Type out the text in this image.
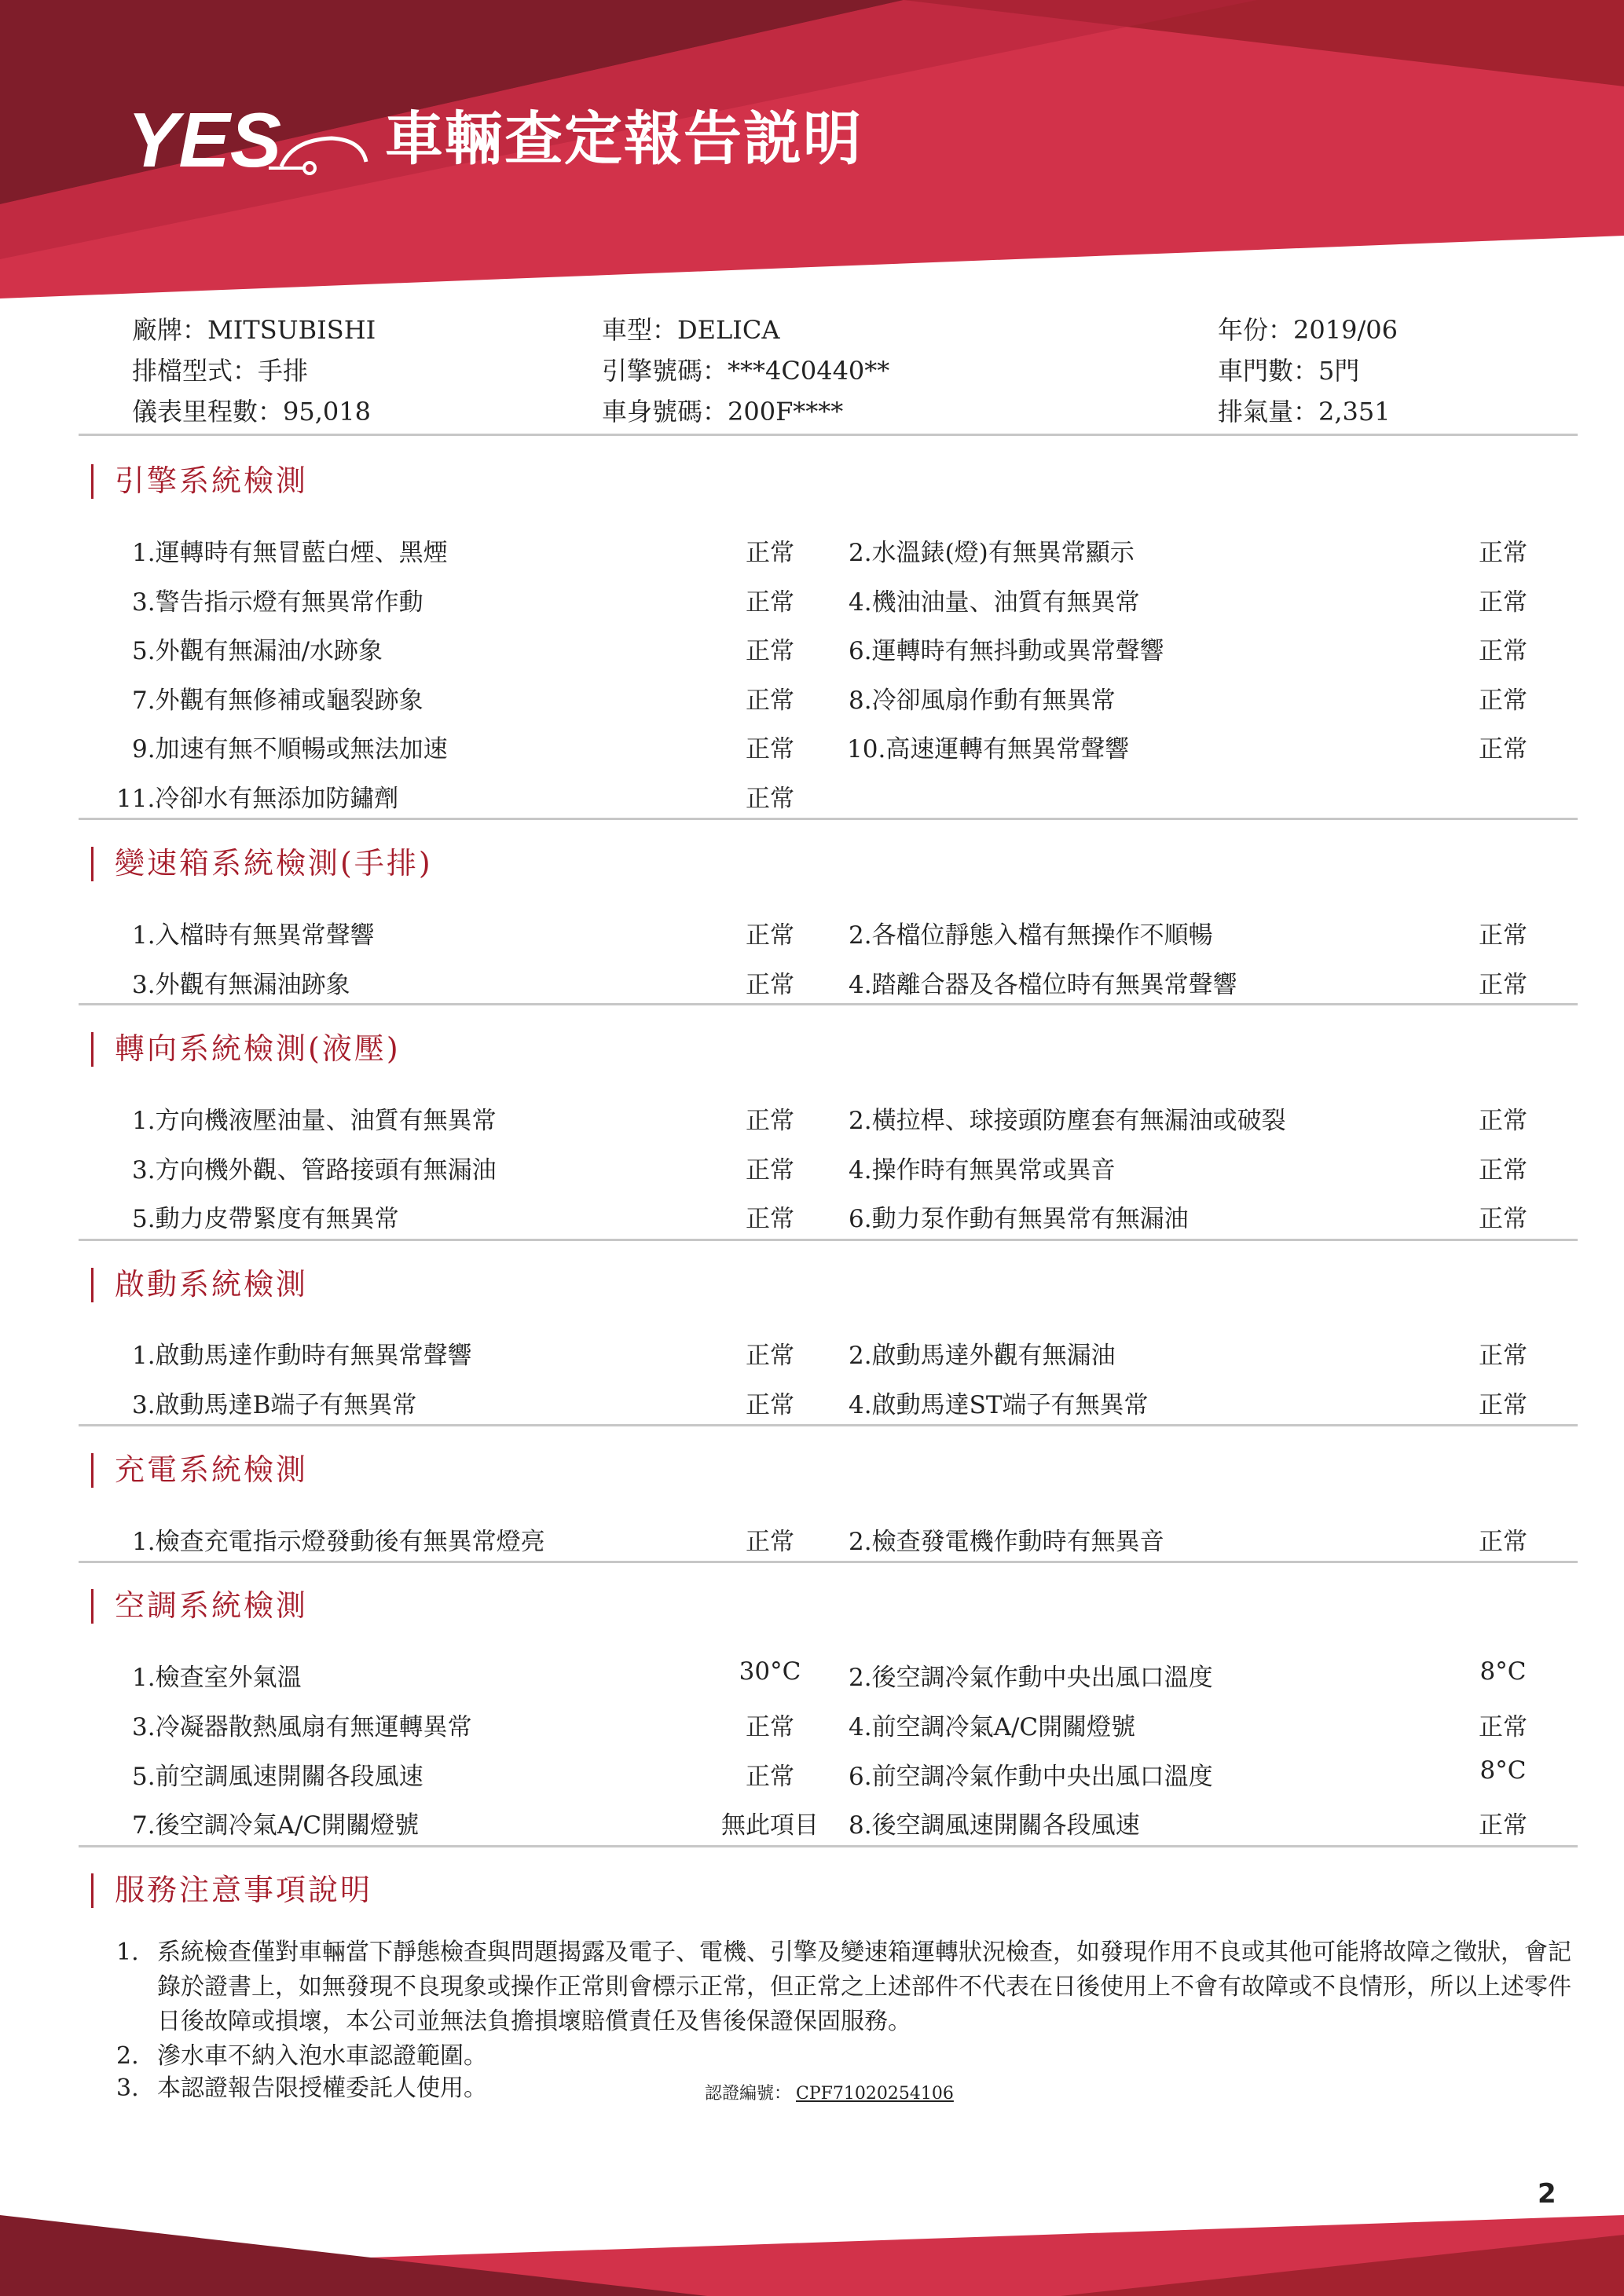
YES 車輛查定報告説明
廠牌：MITSUBISHI	車型：DELICA	年份：2019/06
排檔型式：手排	引擎號碼：***4C0440**	車門數：5門
儀表里程數：95,018	車身號碼：200F****	排氣量：2,351
引擎系統檢測
1.運轉時有無冒藍白煙、黑煙	正常	2.水溫錶(燈)有無異常顯示	正常
3.警告指示燈有無異常作動	正常	4.機油油量、油質有無異常	正常
5.外觀有無漏油/水跡象	正常	6.運轉時有無抖動或異常聲響	正常
7.外觀有無修補或龜裂跡象	正常	8.冷卻風扇作動有無異常	正常
9.加速有無不順暢或無法加速	正常	10.高速運轉有無異常聲響	正常
11.冷卻水有無添加防鏽劑	正常
變速箱系統檢測(手排)
1.入檔時有無異常聲響	正常	2.各檔位靜態入檔有無操作不順暢	正常
3.外觀有無漏油跡象	正常	4.踏離合器及各檔位時有無異常聲響	正常
轉向系統檢測(液壓)
1.方向機液壓油量、油質有無異常	正常	2.橫拉桿、球接頭防塵套有無漏油或破裂	正常
3.方向機外觀、管路接頭有無漏油	正常	4.操作時有無異常或異音	正常
5.動力皮帶緊度有無異常	正常	6.動力泵作動有無異常有無漏油	正常
啟動系統檢測
1.啟動馬達作動時有無異常聲響	正常	2.啟動馬達外觀有無漏油	正常
3.啟動馬達B端子有無異常	正常	4.啟動馬達ST端子有無異常	正常
充電系統檢測
1.檢查充電指示燈發動後有無異常燈亮	正常	2.檢查發電機作動時有無異音	正常
空調系統檢測
1.檢查室外氣溫	30°C	2.後空調冷氣作動中央出風口溫度	8°C
3.冷凝器散熱風扇有無運轉異常	正常	4.前空調冷氣A/C開關燈號	正常
5.前空調風速開關各段風速	正常	6.前空調冷氣作動中央出風口溫度	8°C
7.後空調冷氣A/C開關燈號	無此項目	8.後空調風速開關各段風速	正常
服務注意事項說明
1. 系統檢查僅對車輛當下靜態檢查與問題揭露及電子、電機、引擎及變速箱運轉狀況檢查，如發現作用不良或其他可能將故障之徵狀，會記錄於證書上，如無發現不良現象或操作正常則會標示正常，但正常之上述部件不代表在日後使用上不會有故障或不良情形，所以上述零件日後故障或損壞，本公司並無法負擔損壞賠償責任及售後保證保固服務。
2. 滲水車不納入泡水車認證範圍。
3. 本認證報告限授權委託人使用。	認證編號： CPF71020254106
2
